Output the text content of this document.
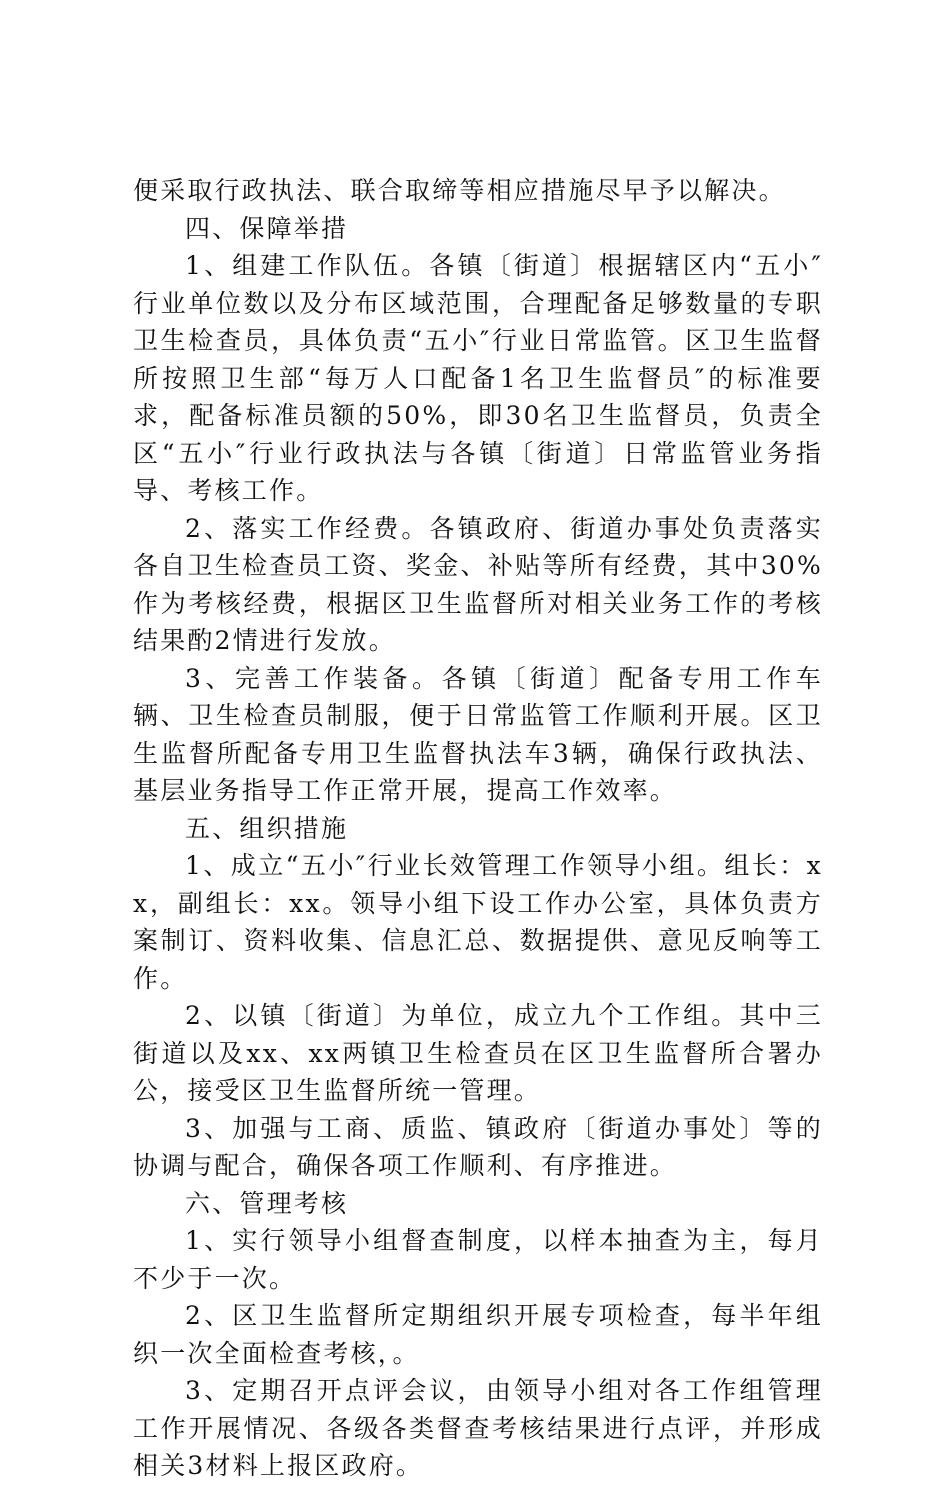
便采取行政执法、联合取缔等相应措施尽早予以解决。

四、保障举措

1、组建工作队伍。各镇〔街道〕根据辖区内“五小″行业单位数以及分布区域范围，合理配备足够数量的专职卫生检查员，具体负责“五小″行业日常监管。区卫生监督所按照卫生部“每万人口配备1名卫生监督员″的标准要求，配备标准员额的50%，即30名卫生监督员，负责全区“五小″行业行政执法与各镇〔街道〕日常监管业务指导、考核工作。

2、落实工作经费。各镇政府、街道办事处负责落实各自卫生检查员工资、奖金、补贴等所有经费，其中30%作为考核经费，根据区卫生监督所对相关业务工作的考核结果酌2情进行发放。

3、完善工作装备。各镇〔街道〕配备专用工作车辆、卫生检查员制服，便于日常监管工作顺利开展。区卫生监督所配备专用卫生监督执法车3辆，确保行政执法、基层业务指导工作正常开展，提高工作效率。

五、组织措施

1、成立“五小″行业长效管理工作领导小组。组长：xx，副组长：xx。领导小组下设工作办公室，具体负责方案制订、资料收集、信息汇总、数据提供、意见反响等工作。

2、以镇〔街道〕为单位，成立九个工作组。其中三街道以及xx、xx两镇卫生检查员在区卫生监督所合署办公，接受区卫生监督所统一管理。

3、加强与工商、质监、镇政府〔街道办事处〕等的协调与配合，确保各项工作顺利、有序推进。

六、管理考核

1、实行领导小组督查制度，以样本抽查为主，每月不少于一次。

2、区卫生监督所定期组织开展专项检查，每半年组织一次全面检查考核，。

3、定期召开点评会议，由领导小组对各工作组管理工作开展情况、各级各类督查考核结果进行点评，并形成相关3材料上报区政府。
